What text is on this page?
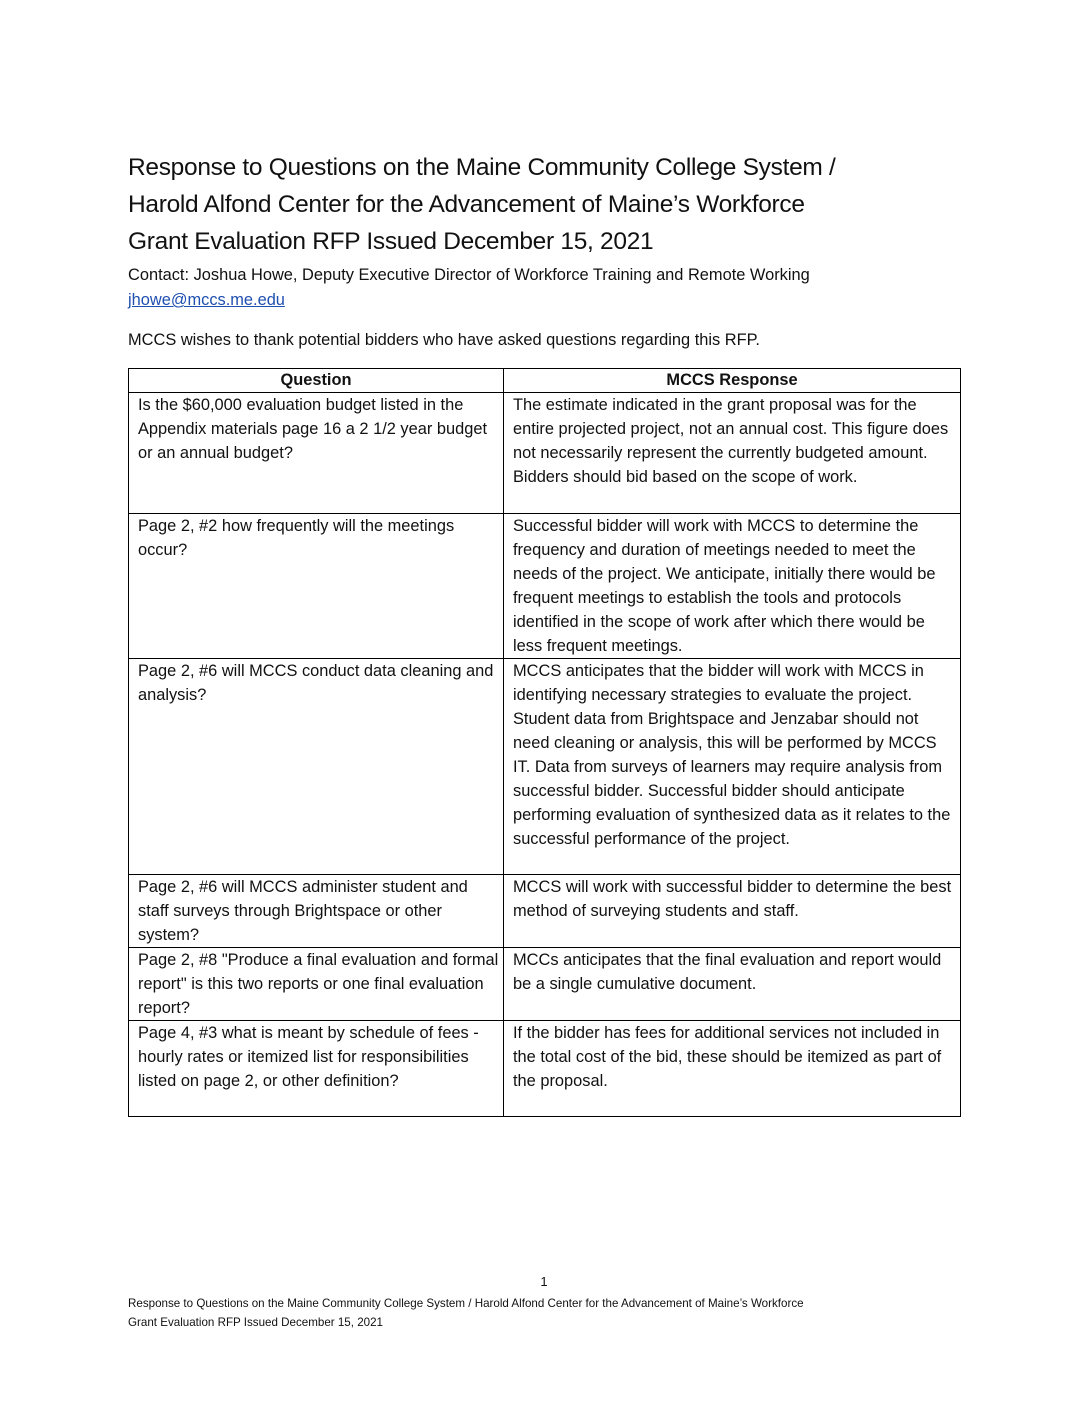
Response to Questions on the Maine Community College System /
Harold Alfond Center for the Advancement of Maine’s Workforce
Grant Evaluation RFP Issued December 15, 2021
Contact: Joshua Howe, Deputy Executive Director of Workforce Training and Remote Working
jhowe@mccs.me.edu
MCCS wishes to thank potential bidders who have asked questions regarding this RFP.
Question	MCCS Response
Is the $60,000 evaluation budget listed in the Appendix materials page 16 a 2 1/2 year budget or an annual budget?	The estimate indicated in the grant proposal was for the entire projected project, not an annual cost. This figure does not necessarily represent the currently budgeted amount. Bidders should bid based on the scope of work.
Page 2, #2 how frequently will the meetings occur?	Successful bidder will work with MCCS to determine the frequency and duration of meetings needed to meet the needs of the project. We anticipate, initially there would be frequent meetings to establish the tools and protocols identified in the scope of work after which there would be less frequent meetings.
Page 2, #6 will MCCS conduct data cleaning and analysis?	MCCS anticipates that the bidder will work with MCCS in identifying necessary strategies to evaluate the project. Student data from Brightspace and Jenzabar should not need cleaning or analysis, this will be performed by MCCS IT. Data from surveys of learners may require analysis from successful bidder. Successful bidder should anticipate performing evaluation of synthesized data as it relates to the successful performance of the project.
Page 2, #6 will MCCS administer student and staff surveys through Brightspace or other system?	MCCS will work with successful bidder to determine the best method of surveying students and staff.
Page 2, #8 "Produce a final evaluation and formal report" is this two reports or one final evaluation report?	MCCs anticipates that the final evaluation and report would be a single cumulative document.
Page 4, #3 what is meant by schedule of fees - hourly rates or itemized list for responsibilities listed on page 2, or other definition?	If the bidder has fees for additional services not included in the total cost of the bid, these should be itemized as part of the proposal.
1
Response to Questions on the Maine Community College System / Harold Alfond Center for the Advancement of Maine’s Workforce
Grant Evaluation RFP Issued December 15, 2021
